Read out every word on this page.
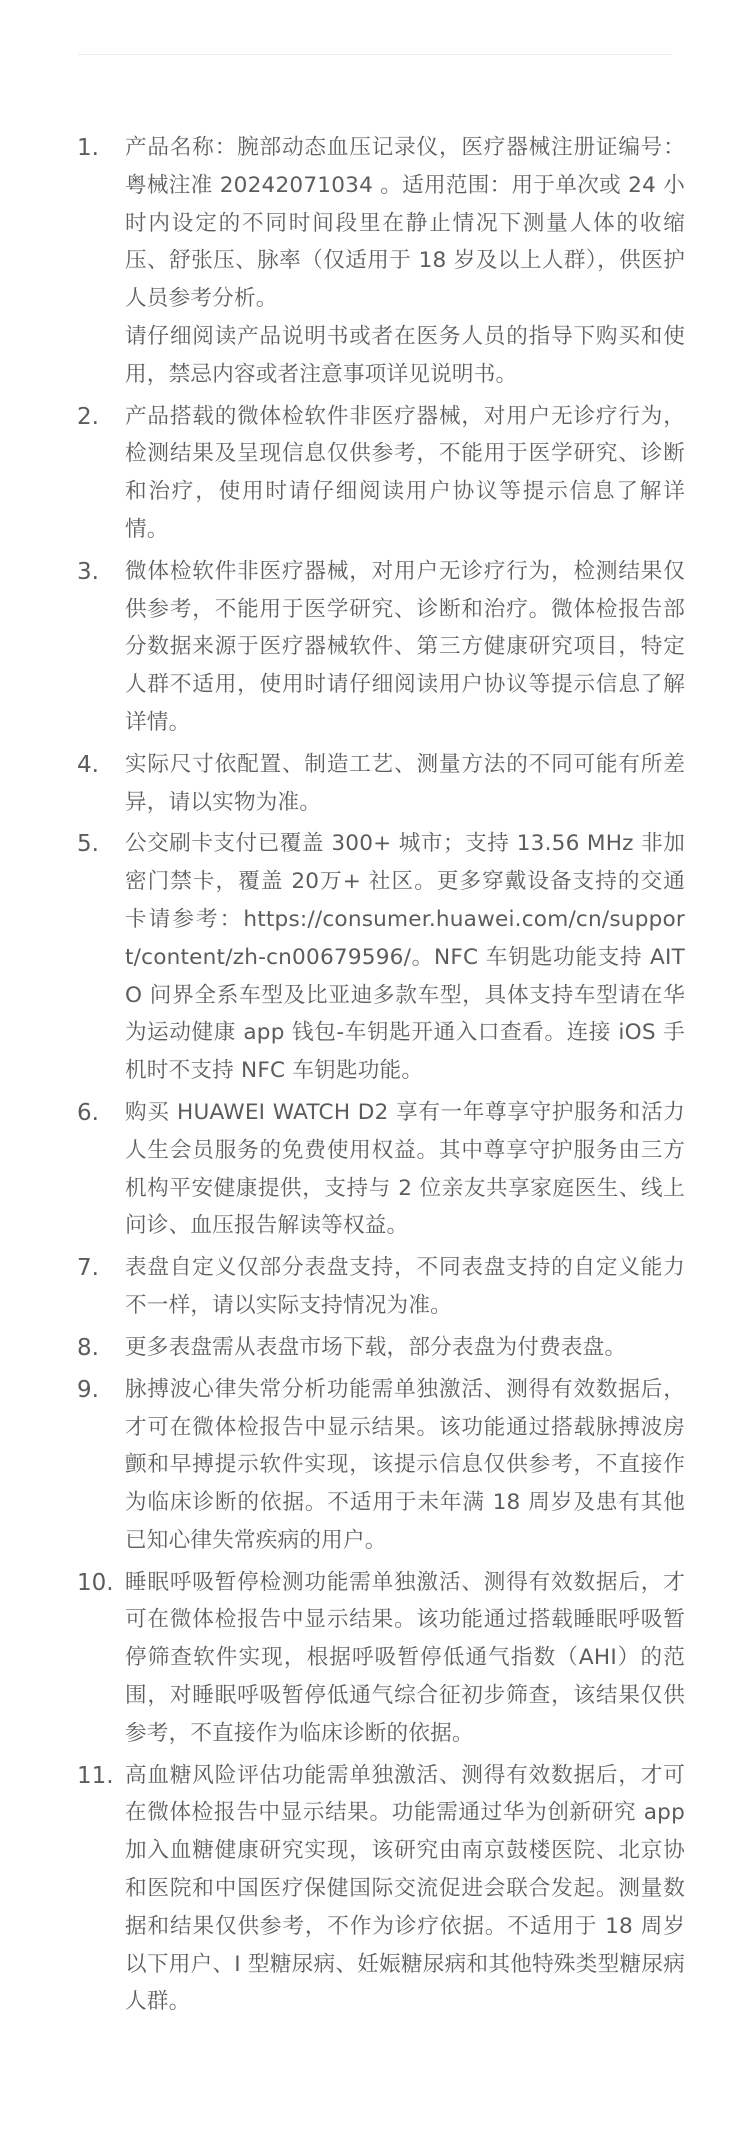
1.	产品名称：腕部动态血压记录仪，医疗器械注册证编号：粤械注准 20242071034 。适用范围：用于单次或 24 小时内设定的不同时间段里在静止情况下测量人体的收缩压、舒张压、脉率（仅适用于 18 岁及以上人群），供医护人员参考分析。

请仔细阅读产品说明书或者在医务人员的指导下购买和使用，禁忌内容或者注意事项详见说明书。

2.	产品搭载的微体检软件非医疗器械，对用户无诊疗行为，检测结果及呈现信息仅供参考，不能用于医学研究、诊断和治疗，使用时请仔细阅读用户协议等提示信息了解详情。

3.	微体检软件非医疗器械，对用户无诊疗行为，检测结果仅供参考，不能用于医学研究、诊断和治疗。微体检报告部分数据来源于医疗器械软件、第三方健康研究项目，特定人群不适用，使用时请仔细阅读用户协议等提示信息了解详情。

4.	实际尺寸依配置、制造工艺、测量方法的不同可能有所差异，请以实物为准。

5.	公交刷卡支付已覆盖 300+ 城市；支持 13.56 MHz 非加密门禁卡，覆盖 20万+ 社区。更多穿戴设备支持的交通卡请参考：https://consumer.huawei.com/cn/support/content/zh-cn00679596/。NFC 车钥匙功能支持 AITO 问界全系车型及比亚迪多款车型，具体支持车型请在华为运动健康 app 钱包-车钥匙开通入口查看。连接 iOS 手机时不支持 NFC 车钥匙功能。

6.	购买 HUAWEI WATCH D2 享有一年尊享守护服务和活力人生会员服务的免费使用权益。其中尊享守护服务由三方机构平安健康提供，支持与 2 位亲友共享家庭医生、线上问诊、血压报告解读等权益。

7.	表盘自定义仅部分表盘支持，不同表盘支持的自定义能力不一样，请以实际支持情况为准。

8.	更多表盘需从表盘市场下载，部分表盘为付费表盘。

9.	脉搏波心律失常分析功能需单独激活、测得有效数据后，才可在微体检报告中显示结果。该功能通过搭载脉搏波房颤和早搏提示软件实现，该提示信息仅供参考，不直接作为临床诊断的依据。不适用于未年满 18 周岁及患有其他已知心律失常疾病的用户。

10. 睡眠呼吸暂停检测功能需单独激活、测得有效数据后，才可在微体检报告中显示结果。该功能通过搭载睡眠呼吸暂停筛查软件实现，根据呼吸暂停低通气指数（AHI）的范围，对睡眠呼吸暂停低通气综合征初步筛查，该结果仅供参考，不直接作为临床诊断的依据。

11. 高血糖风险评估功能需单独激活、测得有效数据后，才可在微体检报告中显示结果。功能需通过华为创新研究 app 加入血糖健康研究实现，该研究由南京鼓楼医院、北京协和医院和中国医疗保健国际交流促进会联合发起。测量数据和结果仅供参考，不作为诊疗依据。不适用于 18 周岁以下用户、I 型糖尿病、妊娠糖尿病和其他特殊类型糖尿病人群。
